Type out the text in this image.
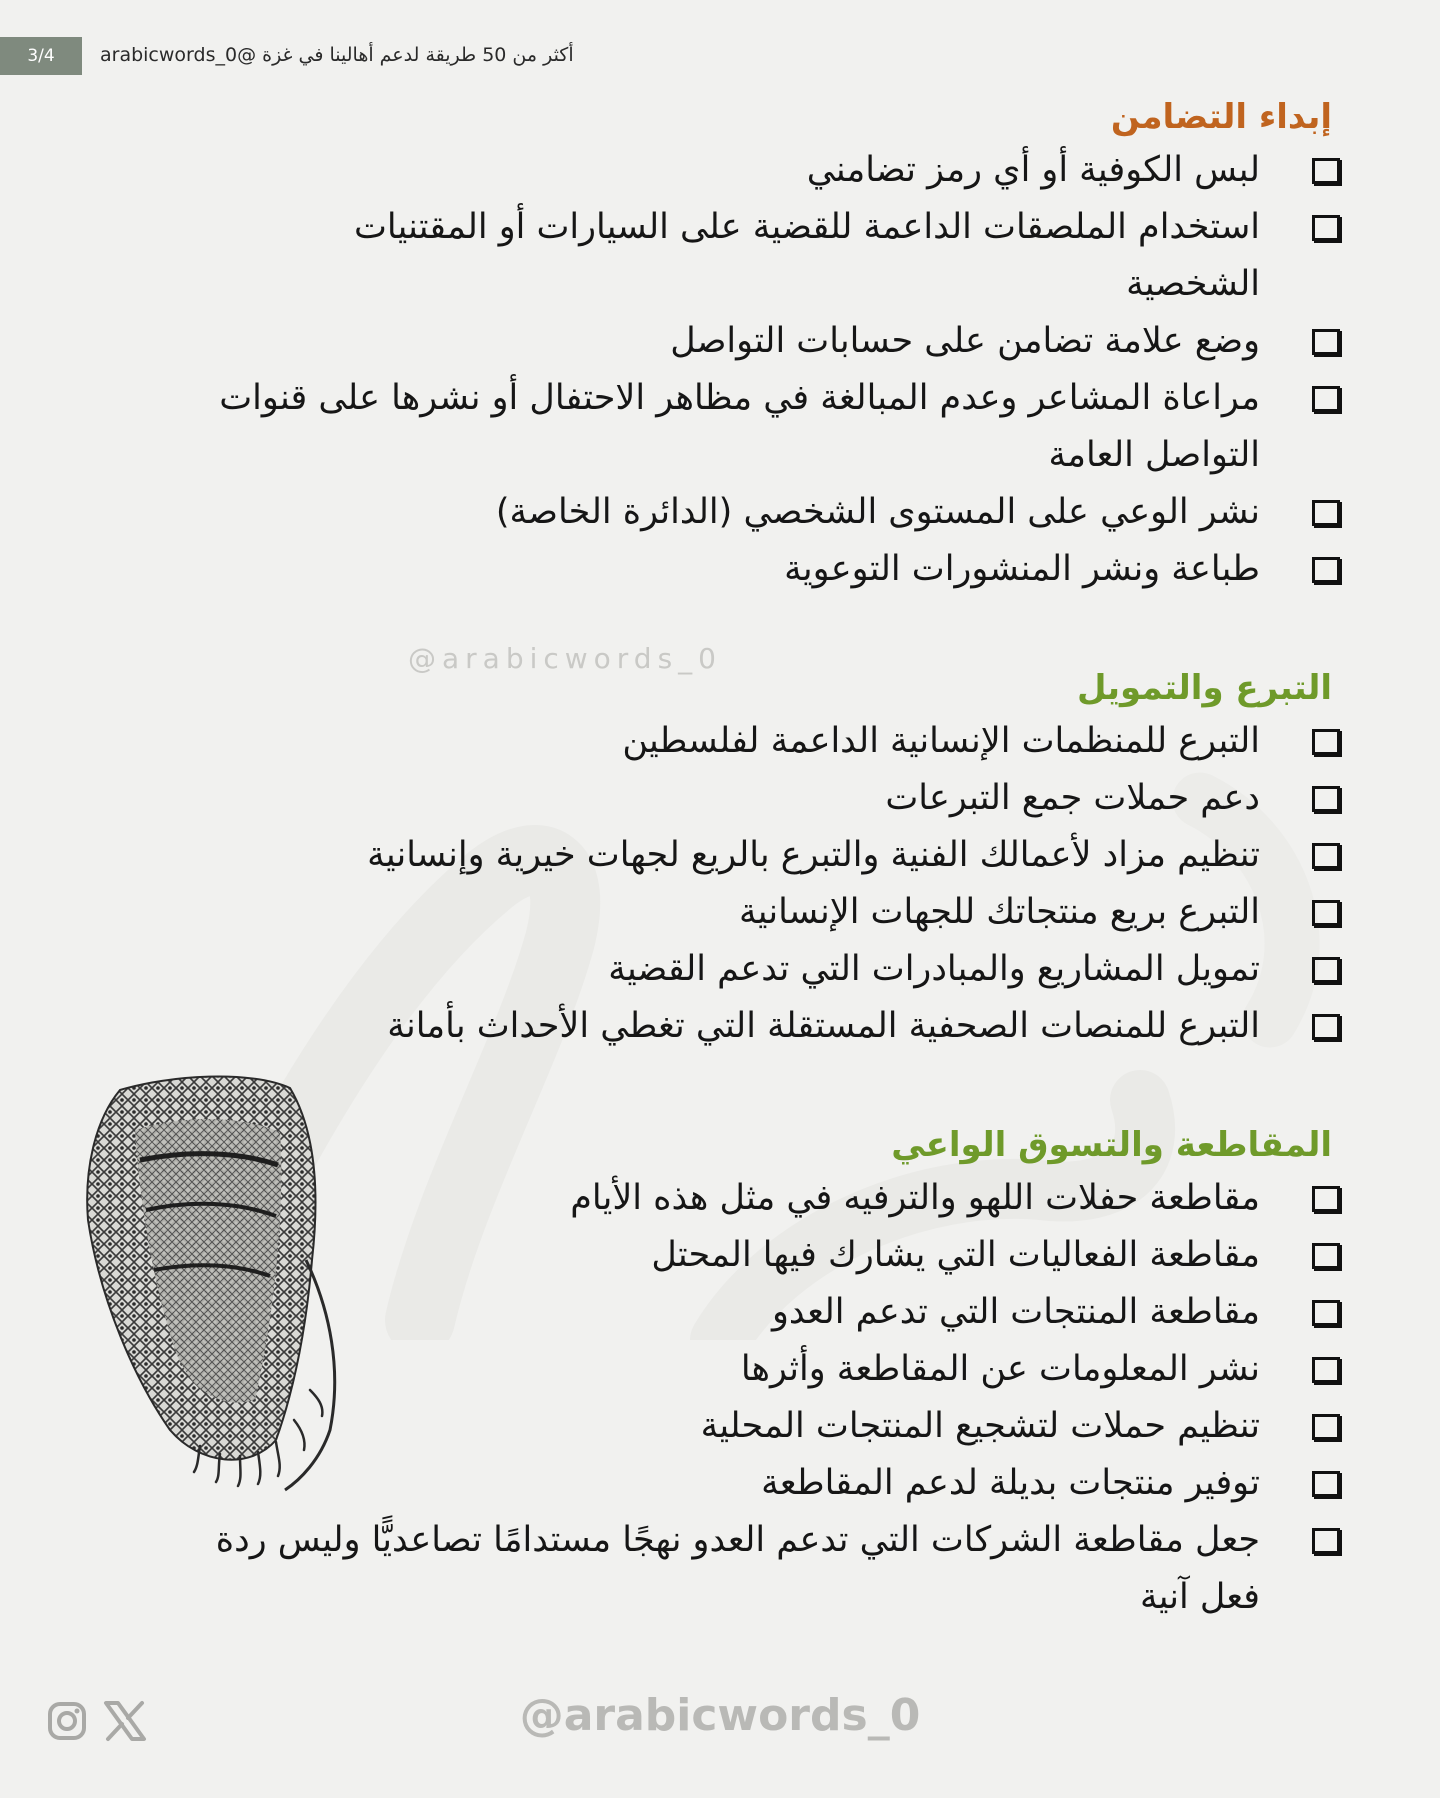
3/4	أكثر من 50 طريقة لدعم أهالينا في غزة @arabicwords_0
@arabicwords_0
إبداء التضامن
لبس الكوفية أو أي رمز تضامني
استخدام الملصقات الداعمة للقضية على السيارات أو المقتنيات الشخصية
وضع علامة تضامن على حسابات التواصل
مراعاة المشاعر وعدم المبالغة في مظاهر الاحتفال أو نشرها على قنوات التواصل العامة
نشر الوعي على المستوى الشخصي (الدائرة الخاصة)
طباعة ونشر المنشورات التوعوية
التبرع والتمويل
التبرع للمنظمات الإنسانية الداعمة لفلسطين
دعم حملات جمع التبرعات
تنظيم مزاد لأعمالك الفنية والتبرع بالريع لجهات خيرية وإنسانية
التبرع بريع منتجاتك للجهات الإنسانية
تمويل المشاريع والمبادرات التي تدعم القضية
التبرع للمنصات الصحفية المستقلة التي تغطي الأحداث بأمانة
المقاطعة والتسوق الواعي
مقاطعة حفلات اللهو والترفيه في مثل هذه الأيام
مقاطعة الفعاليات التي يشارك فيها المحتل
مقاطعة المنتجات التي تدعم العدو
نشر المعلومات عن المقاطعة وأثرها
تنظيم حملات لتشجيع المنتجات المحلية
توفير منتجات بديلة لدعم المقاطعة
جعل مقاطعة الشركات التي تدعم العدو نهجًا مستدامًا تصاعديًّا وليس ردة فعل آنية
@arabicwords_0
